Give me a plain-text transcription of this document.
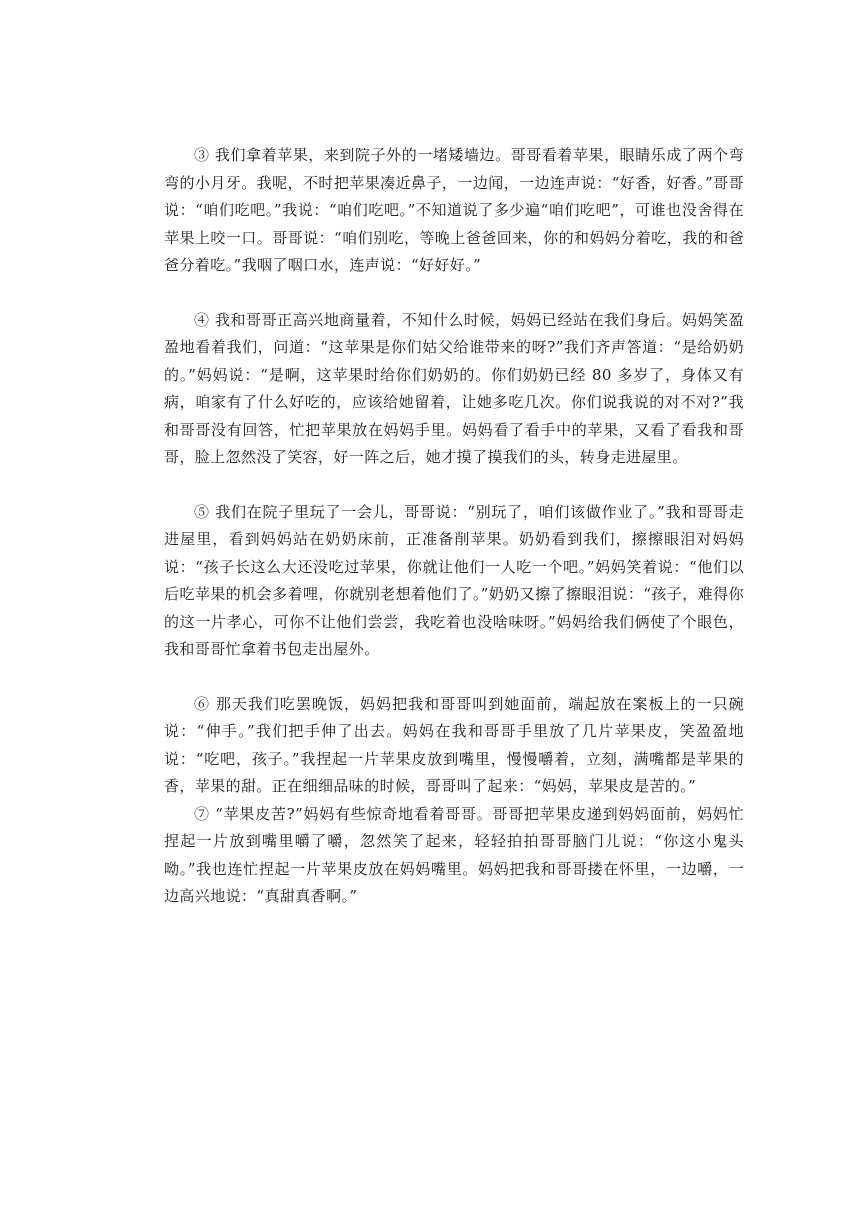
③ 我们拿着苹果，来到院子外的一堵矮墙边。哥哥看着苹果，眼睛乐成了两个弯弯的小月牙。我呢，不时把苹果凑近鼻子，一边闻，一边连声说：“好香，好香。”哥哥说：“咱们吃吧。”我说：“咱们吃吧。”不知道说了多少遍“咱们吃吧”，可谁也没舍得在苹果上咬一口。哥哥说：“咱们别吃，等晚上爸爸回来，你的和妈妈分着吃，我的和爸爸分着吃。”我咽了咽口水，连声说：“好好好。”

④ 我和哥哥正高兴地商量着，不知什么时候，妈妈已经站在我们身后。妈妈笑盈盈地看着我们，问道：“这苹果是你们姑父给谁带来的呀?”我们齐声答道：“是给奶奶的。”妈妈说：“是啊，这苹果时给你们奶奶的。你们奶奶已经 80 多岁了，身体又有病，咱家有了什么好吃的，应该给她留着，让她多吃几次。你们说我说的对不对?”我和哥哥没有回答，忙把苹果放在妈妈手里。妈妈看了看手中的苹果，又看了看我和哥哥，脸上忽然没了笑容，好一阵之后，她才摸了摸我们的头，转身走进屋里。

⑤ 我们在院子里玩了一会儿，哥哥说：“别玩了，咱们该做作业了。”我和哥哥走进屋里，看到妈妈站在奶奶床前，正准备削苹果。奶奶看到我们，擦擦眼泪对妈妈说：“孩子长这么大还没吃过苹果，你就让他们一人吃一个吧。”妈妈笑着说：“他们以后吃苹果的机会多着哩，你就别老想着他们了。”奶奶又擦了擦眼泪说：“孩子，难得你的这一片孝心，可你不让他们尝尝，我吃着也没啥味呀。”妈妈给我们俩使了个眼色，我和哥哥忙拿着书包走出屋外。

⑥ 那天我们吃罢晚饭，妈妈把我和哥哥叫到她面前，端起放在案板上的一只碗说：“伸手。”我们把手伸了出去。妈妈在我和哥哥手里放了几片苹果皮，笑盈盈地说：“吃吧，孩子。”我捏起一片苹果皮放到嘴里，慢慢嚼着，立刻，满嘴都是苹果的香，苹果的甜。正在细细品味的时候，哥哥叫了起来：“妈妈，苹果皮是苦的。”

⑦ “苹果皮苦?”妈妈有些惊奇地看着哥哥。哥哥把苹果皮递到妈妈面前，妈妈忙捏起一片放到嘴里嚼了嚼，忽然笑了起来，轻轻拍拍哥哥脑门儿说：“你这小鬼头呦。”我也连忙捏起一片苹果皮放在妈妈嘴里。妈妈把我和哥哥搂在怀里，一边嚼，一边高兴地说：“真甜真香啊。”
